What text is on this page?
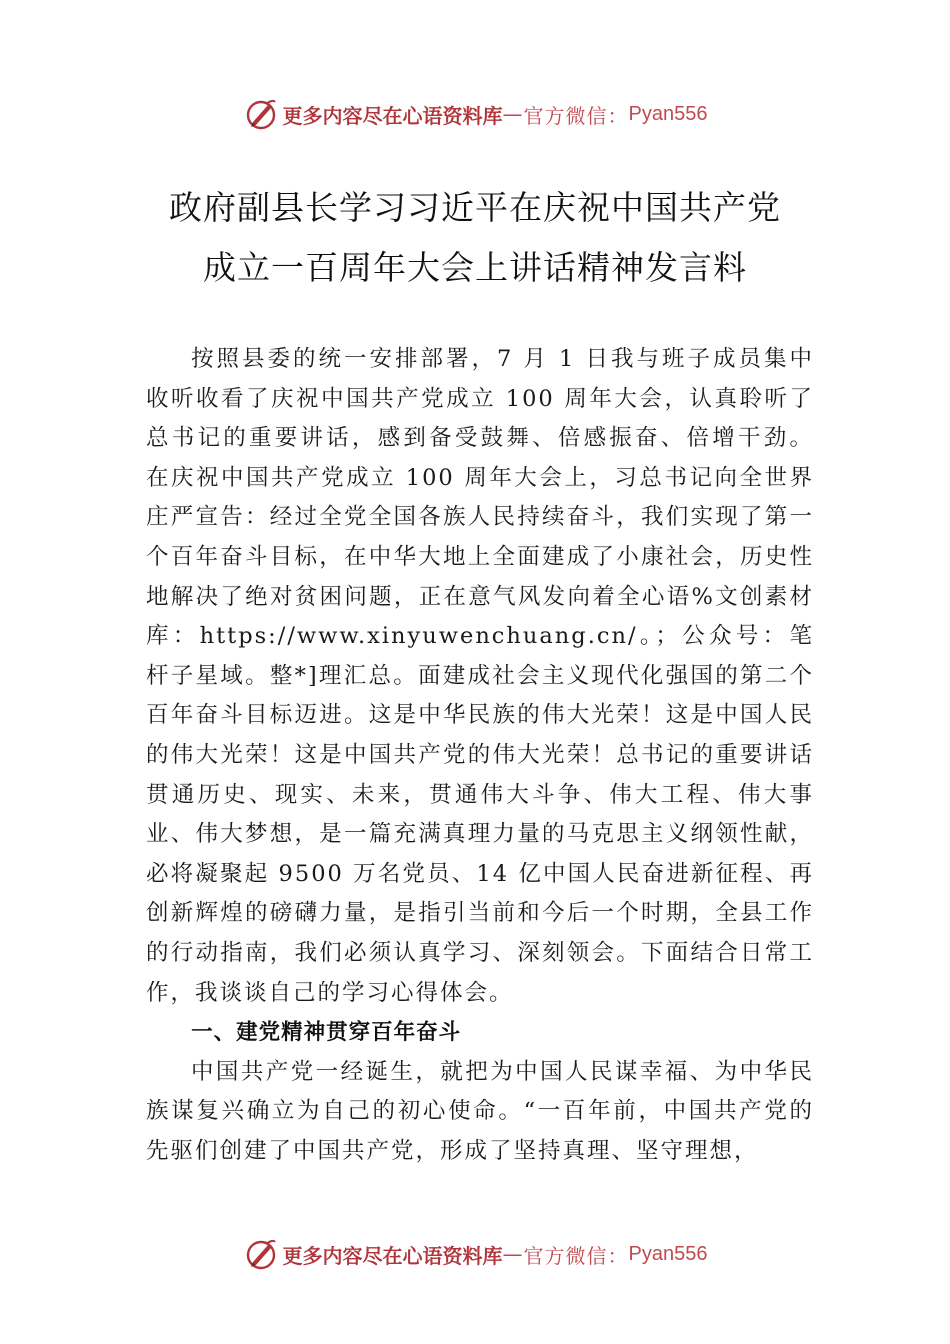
更多内容尽在心语资料库 — 官方微信： Pyan556
政府副县长学习习近平在庆祝中国共产党
成立一百周年大会上讲话精神发言料

按照县委的统一安排部署，7 月 1 日我与班子成员集中收听收看了庆祝中国共产党成立 100 周年大会，认真聆听了总书记的重要讲话，感到备受鼓舞、倍感振奋、倍增干劲。 在庆祝中国共产党成立 100 周年大会上，习总书记向全世界庄严宣告：经过全党全国各族人民持续奋斗，我们实现了第一个百年奋斗目标，在中华大地上全面建成了小康社会，历史性地解决了绝对贫困问题，正在意气风发向着全心语%文创素材库：https://www.xinyuwenchuang.cn/。；公众号：笔杆子星域。整*]理汇总。面建成社会主义现代化强国的第二个百年奋斗目标迈进。这是中华民族的伟大光荣！这是中国人民的伟大光荣！这是中国共产党的伟大光荣！总书记的重要讲话贯通历史、现实、未来，贯通伟大斗争、伟大工程、伟大事业、伟大梦想，是一篇充满真理力量的马克思主义纲领性献，必将凝聚起 9500 万名党员、14 亿中国人民奋进新征程、再创新辉煌的磅礴力量，是指引当前和今后一个时期，全县工作的行动指南，我们必须认真学习、深刻领会。下面结合日常工作，我谈谈自己的学习心得体会。

一、建党精神贯穿百年奋斗

中国共产党一经诞生，就把为中国人民谋幸福、为中华民族谋复兴确立为自己的初心使命。“一百年前，中国共产党的先驱们创建了中国共产党，形成了坚持真理、坚守理想，

更多内容尽在心语资料库 — 官方微信： Pyan556
